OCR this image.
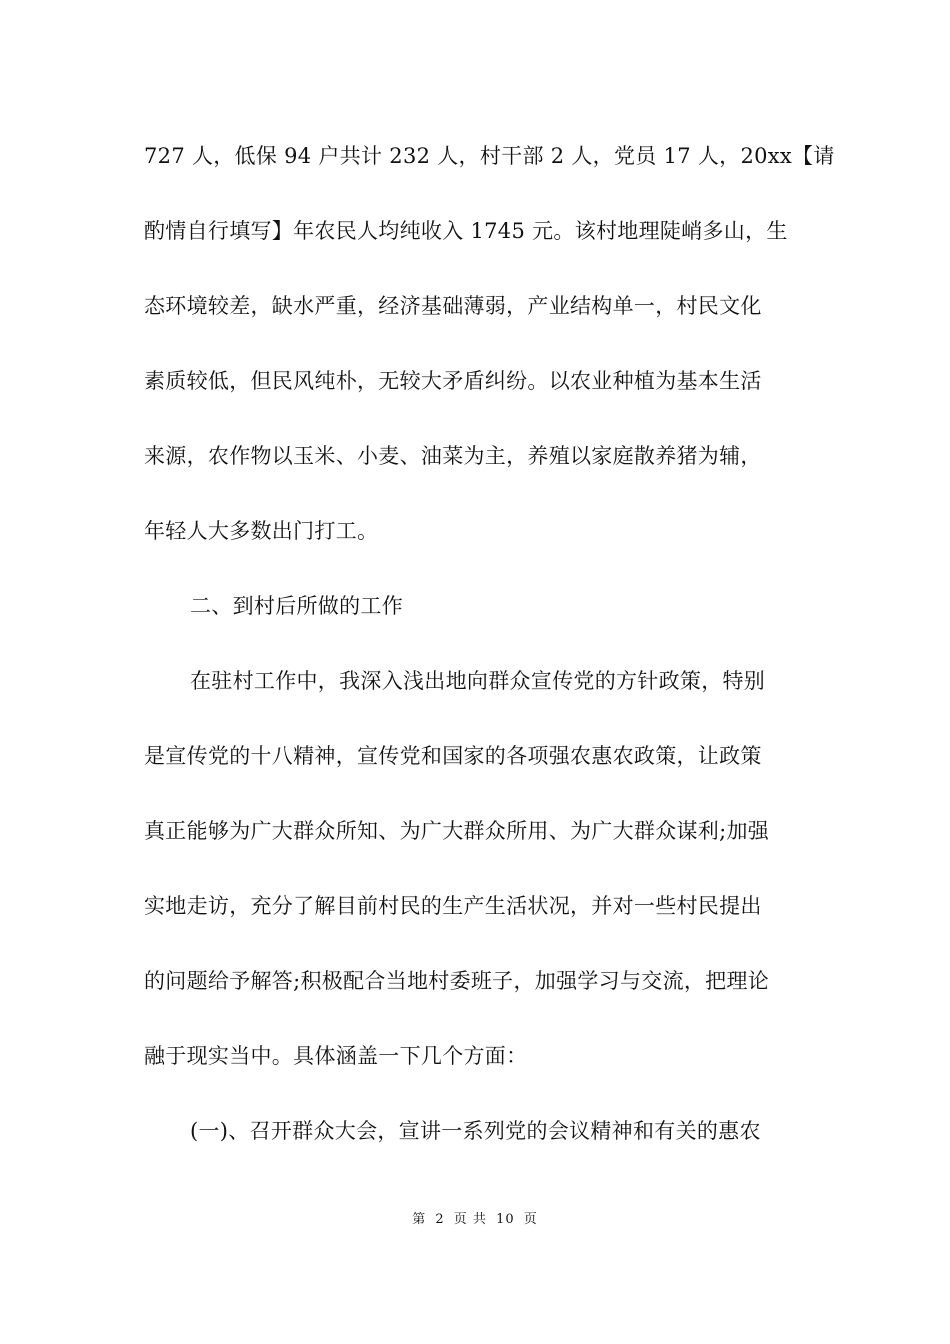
727 人，低保 94 户共计 232 人，村干部 2 人，党员 17 人，20xx【请
酌情自行填写】年农民人均纯收入 1745 元。该村地理陡峭多山，生
态环境较差，缺水严重，经济基础薄弱，产业结构单一，村民文化
素质较低，但民风纯朴，无较大矛盾纠纷。以农业种植为基本生活
来源，农作物以玉米、小麦、油菜为主，养殖以家庭散养猪为辅，
年轻人大多数出门打工。
二、到村后所做的工作
在驻村工作中，我深入浅出地向群众宣传党的方针政策，特别
是宣传党的十八精神，宣传党和国家的各项强农惠农政策，让政策
真正能够为广大群众所知、为广大群众所用、为广大群众谋利;加强
实地走访，充分了解目前村民的生产生活状况，并对一些村民提出
的问题给予解答;积极配合当地村委班子，加强学习与交流，把理论
融于现实当中。具体涵盖一下几个方面：
(一)、召开群众大会，宣讲一系列党的会议精神和有关的惠农
第 2 页 共 10 页
